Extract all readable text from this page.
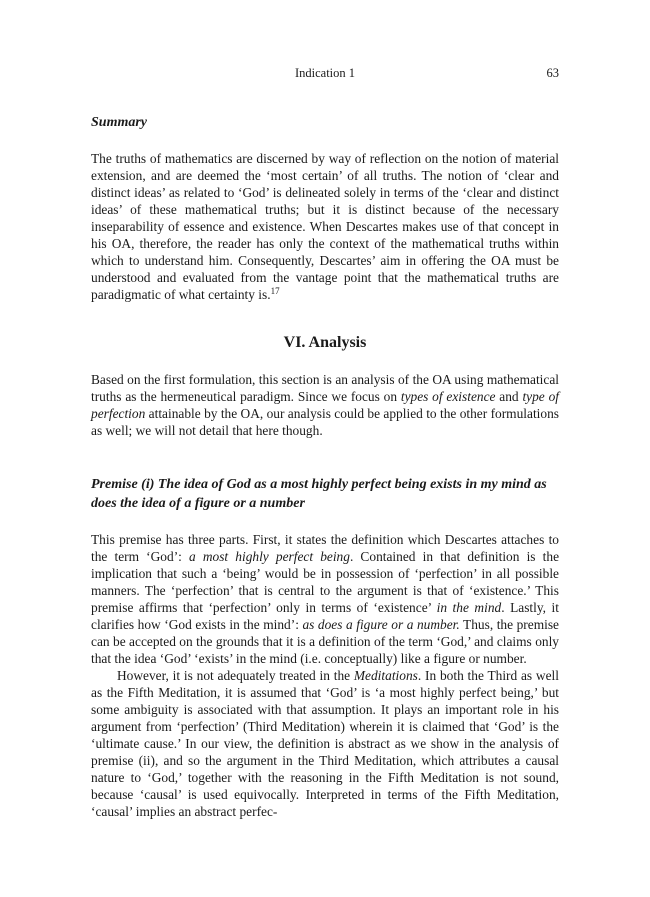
Indication 1	63
Summary

The truths of mathematics are discerned by way of reflection on the notion of material extension, and are deemed the ‘most certain’ of all truths. The notion of ‘clear and distinct ideas’ as related to ‘God’ is delineated solely in terms of the ‘clear and distinct ideas’ of these mathematical truths; but it is distinct because of the necessary inseparability of essence and existence. When Descartes makes use of that concept in his OA, therefore, the reader has only the context of the mathematical truths within which to understand him. Consequently, Descartes’ aim in offering the OA must be understood and evaluated from the vantage point that the mathematical truths are paradigmatic of what certainty is.$^{17}$

VI. Analysis

Based on the first formulation, this section is an analysis of the OA using mathematical truths as the hermeneutical paradigm. Since we focus on types of existence and type of perfection attainable by the OA, our analysis could be applied to the other formulations as well; we will not detail that here though.

Premise (i) The idea of God as a most highly perfect being exists in my mind as does the idea of a figure or a number

This premise has three parts. First, it states the definition which Descartes attaches to the term ‘God’: a most highly perfect being. Contained in that definition is the implication that such a ‘being’ would be in possession of ‘perfection’ in all possible manners. The ‘perfection’ that is central to the argument is that of ‘existence.’ This premise affirms that ‘perfection’ only in terms of ‘existence’ in the mind. Lastly, it clarifies how ‘God exists in the mind’: as does a figure or a number. Thus, the premise can be accepted on the grounds that it is a definition of the term ‘God,’ and claims only that the idea ‘God’ ‘exists’ in the mind (i.e. conceptually) like a figure or number.

However, it is not adequately treated in the Meditations. In both the Third as well as the Fifth Meditation, it is assumed that ‘God’ is ‘a most highly perfect being,’ but some ambiguity is associated with that assumption. It plays an important role in his argument from ‘perfection’ (Third Meditation) wherein it is claimed that ‘God’ is the ‘ultimate cause.’ In our view, the definition is abstract as we show in the analysis of premise (ii), and so the argument in the Third Meditation, which attributes a causal nature to ‘God,’ together with the reasoning in the Fifth Meditation is not sound, because ‘causal’ is used equivocally. Interpreted in terms of the Fifth Meditation, ‘causal’ implies an abstract perfec-
